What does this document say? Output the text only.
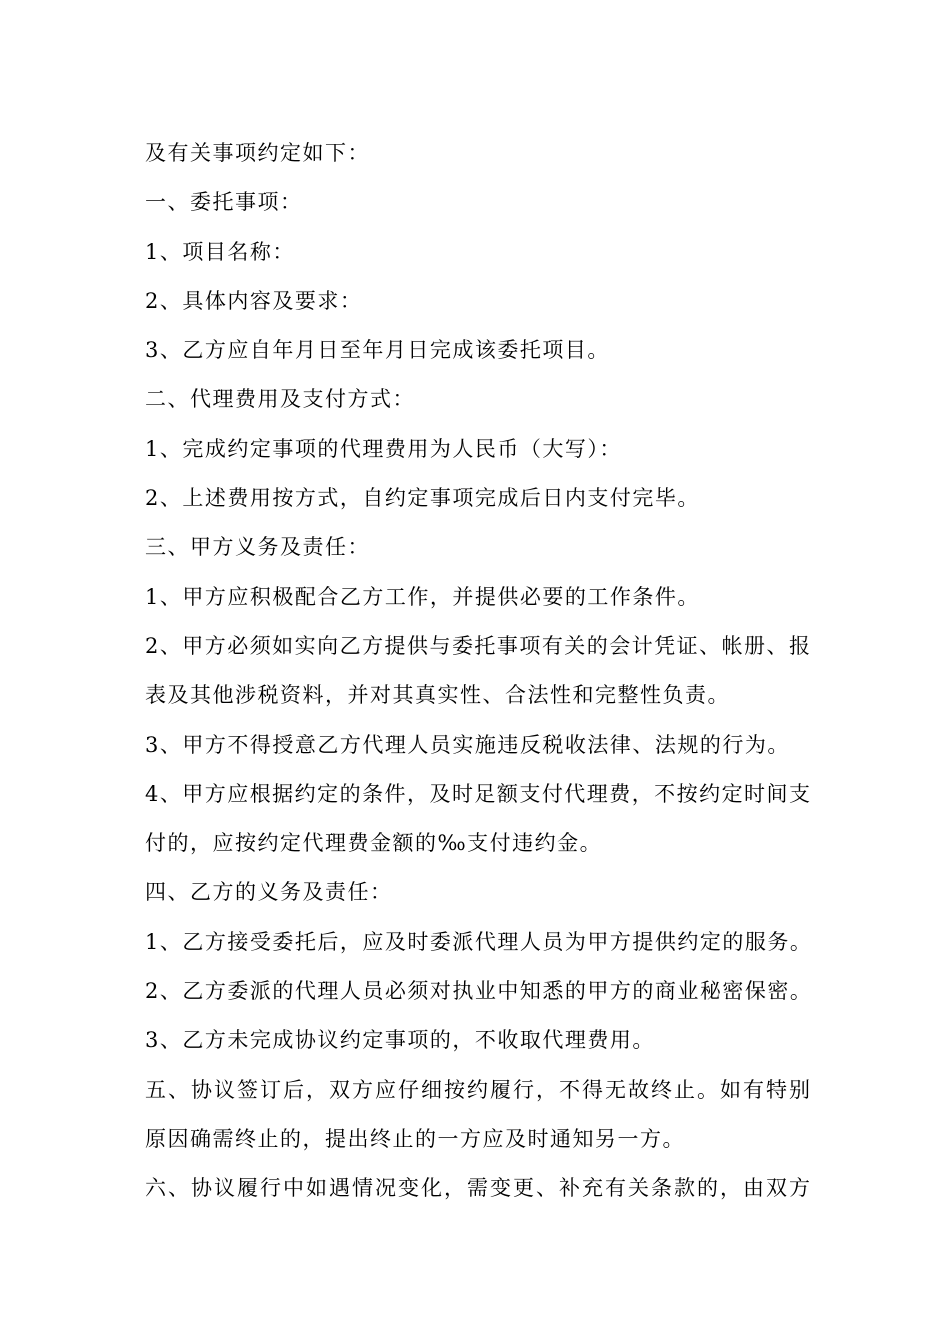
及有关事项约定如下：
一、委托事项：
1、项目名称：
2、具体内容及要求：
3、乙方应自年月日至年月日完成该委托项目。
二、代理费用及支付方式：
1、完成约定事项的代理费用为人民币（大写）：
2、上述费用按方式，自约定事项完成后日内支付完毕。
三、甲方义务及责任：
1、甲方应积极配合乙方工作，并提供必要的工作条件。
2、甲方必须如实向乙方提供与委托事项有关的会计凭证、帐册、报
表及其他涉税资料，并对其真实性、合法性和完整性负责。
3、甲方不得授意乙方代理人员实施违反税收法律、法规的行为。
4、甲方应根据约定的条件，及时足额支付代理费，不按约定时间支
付的，应按约定代理费金额的‰支付违约金。
四、乙方的义务及责任：
1、乙方接受委托后，应及时委派代理人员为甲方提供约定的服务。
2、乙方委派的代理人员必须对执业中知悉的甲方的商业秘密保密。
3、乙方未完成协议约定事项的，不收取代理费用。
五、协议签订后，双方应仔细按约履行，不得无故终止。如有特别
原因确需终止的，提出终止的一方应及时通知另一方。
六、协议履行中如遇情况变化，需变更、补充有关条款的，由双方
